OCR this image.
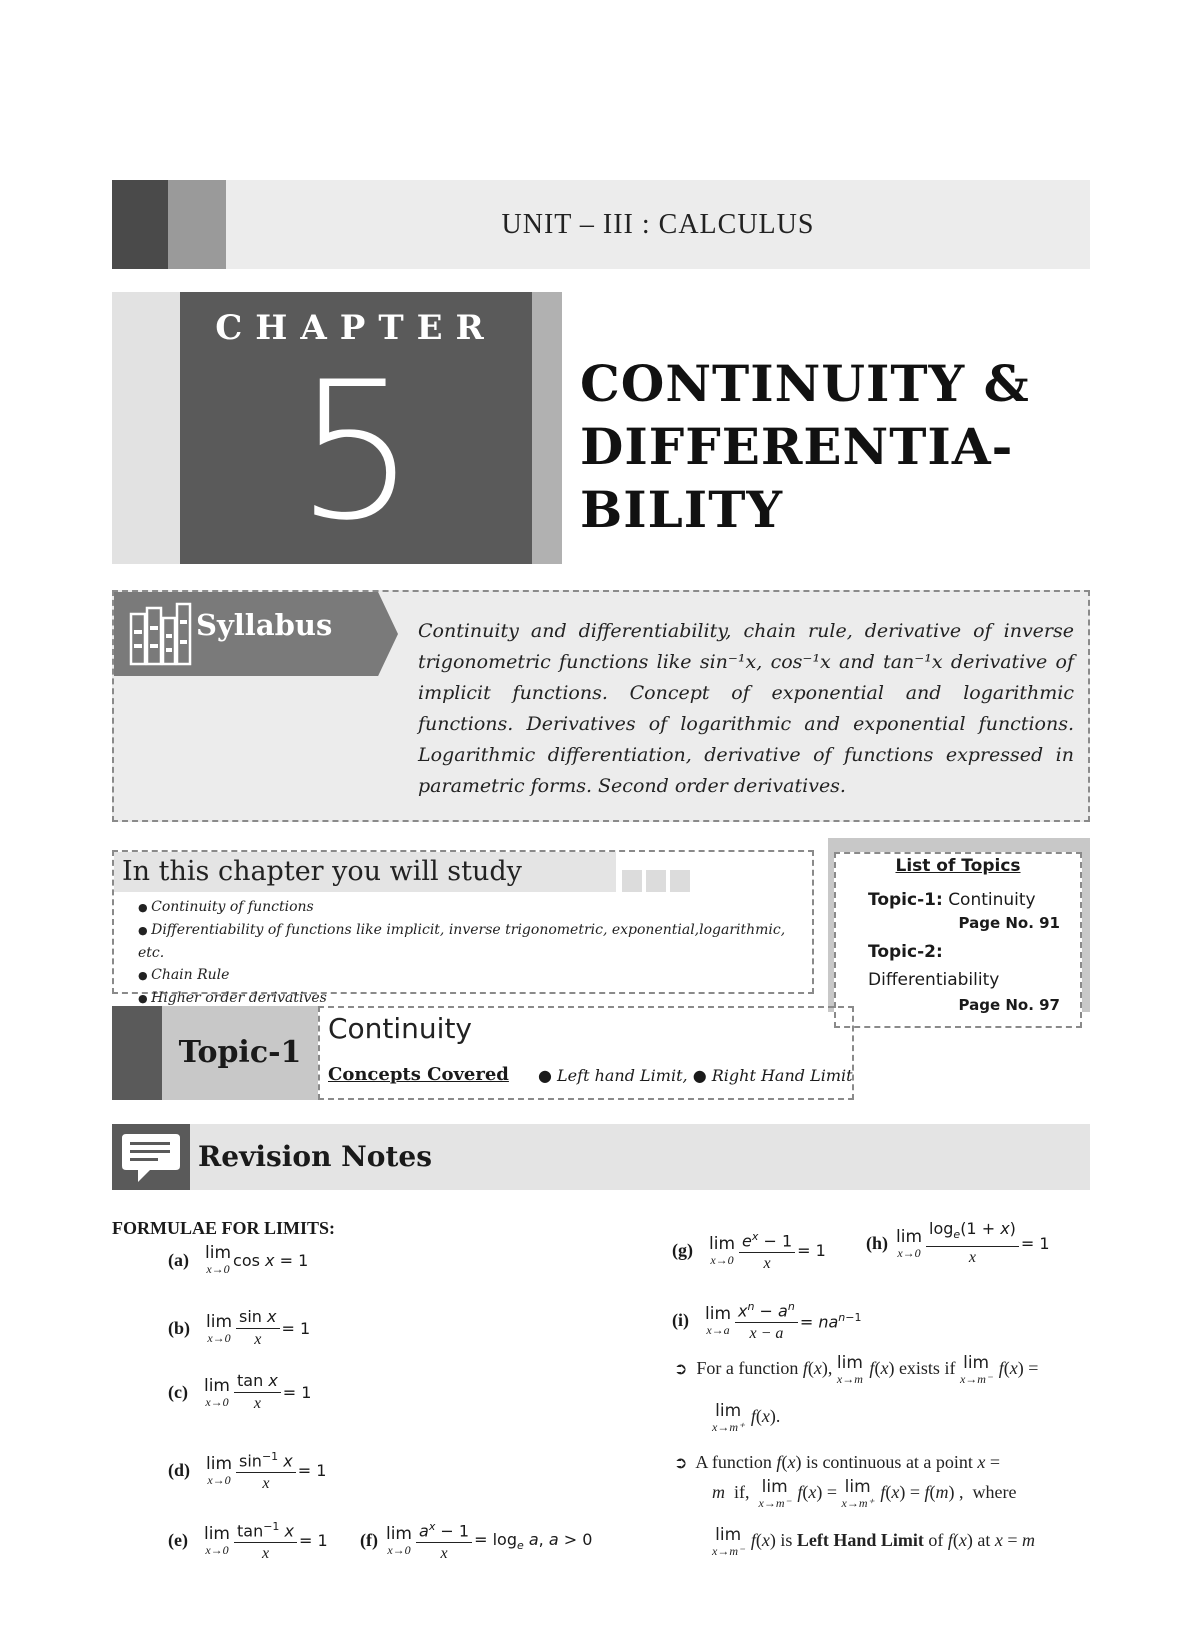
UNIT – III : CALCULUS
CHAPTER
5	CONTINUITY &
DIFFERENTIA-
BILITY
Syllabus	Continuity and differentiability, chain rule, derivative of inverse trigonometric functions like sin⁻¹x, cos⁻¹x and tan⁻¹x derivative of implicit functions. Concept of exponential and logarithmic functions. Derivatives of logarithmic and exponential functions. Logarithmic differentiation, derivative of functions expressed in parametric forms. Second order derivatives.
In this chapter you will study
● Continuity of functions
● Differentiability of functions like implicit, inverse trigonometric, exponential,logarithmic, etc.
● Chain Rule
● Higher order derivatives
List of Topics
Topic-1: Continuity
Page No. 91
Topic-2:
Differentiability
Page No. 97
Topic-1
Continuity
Concepts Covered ● Left hand Limit, ● Right Hand Limit
Revision Notes
FORMULAE FOR LIMITS:
(a) lim
x→0 cos x = 1
(b) lim
$x\to 0 \frac{\text{sin x}}{x} = 1$
(c) lim
$x\to 0 \frac{\text{tan x}}{x} = 1$
(d) lim
$x\to 0 \frac{\sin^{-1} x}{x} = 1$
(e) lim
$x\to 0 \frac{\tan^{-1} x}{x} = 1$ (f) lim
$x\to 0 \frac{a^x - 1}{x} = \log_e a$, a > 0
(g) lim
$x\to 0 \frac{e^x - 1}{x} = 1$ (h) lim
$x\to 0 \frac{\log_e(1 + x)}{x} = 1$
(i) lim
$x\to a \frac{x^n - a^n}{x - a} = na^{n-1}$
➲ For a function f(x), lim
x→m
f(x) exists if lim
x→m⁻
f(x) =
lim
x→m⁺
f(x).
➲ A function f(x) is continuous at a point x =
m if, lim
x→m⁻
f(x) = lim
x→m⁺
f(x) = f(m) ,  where
lim
x→m⁻
f(x) is Left Hand Limit of f(x) at x = m
